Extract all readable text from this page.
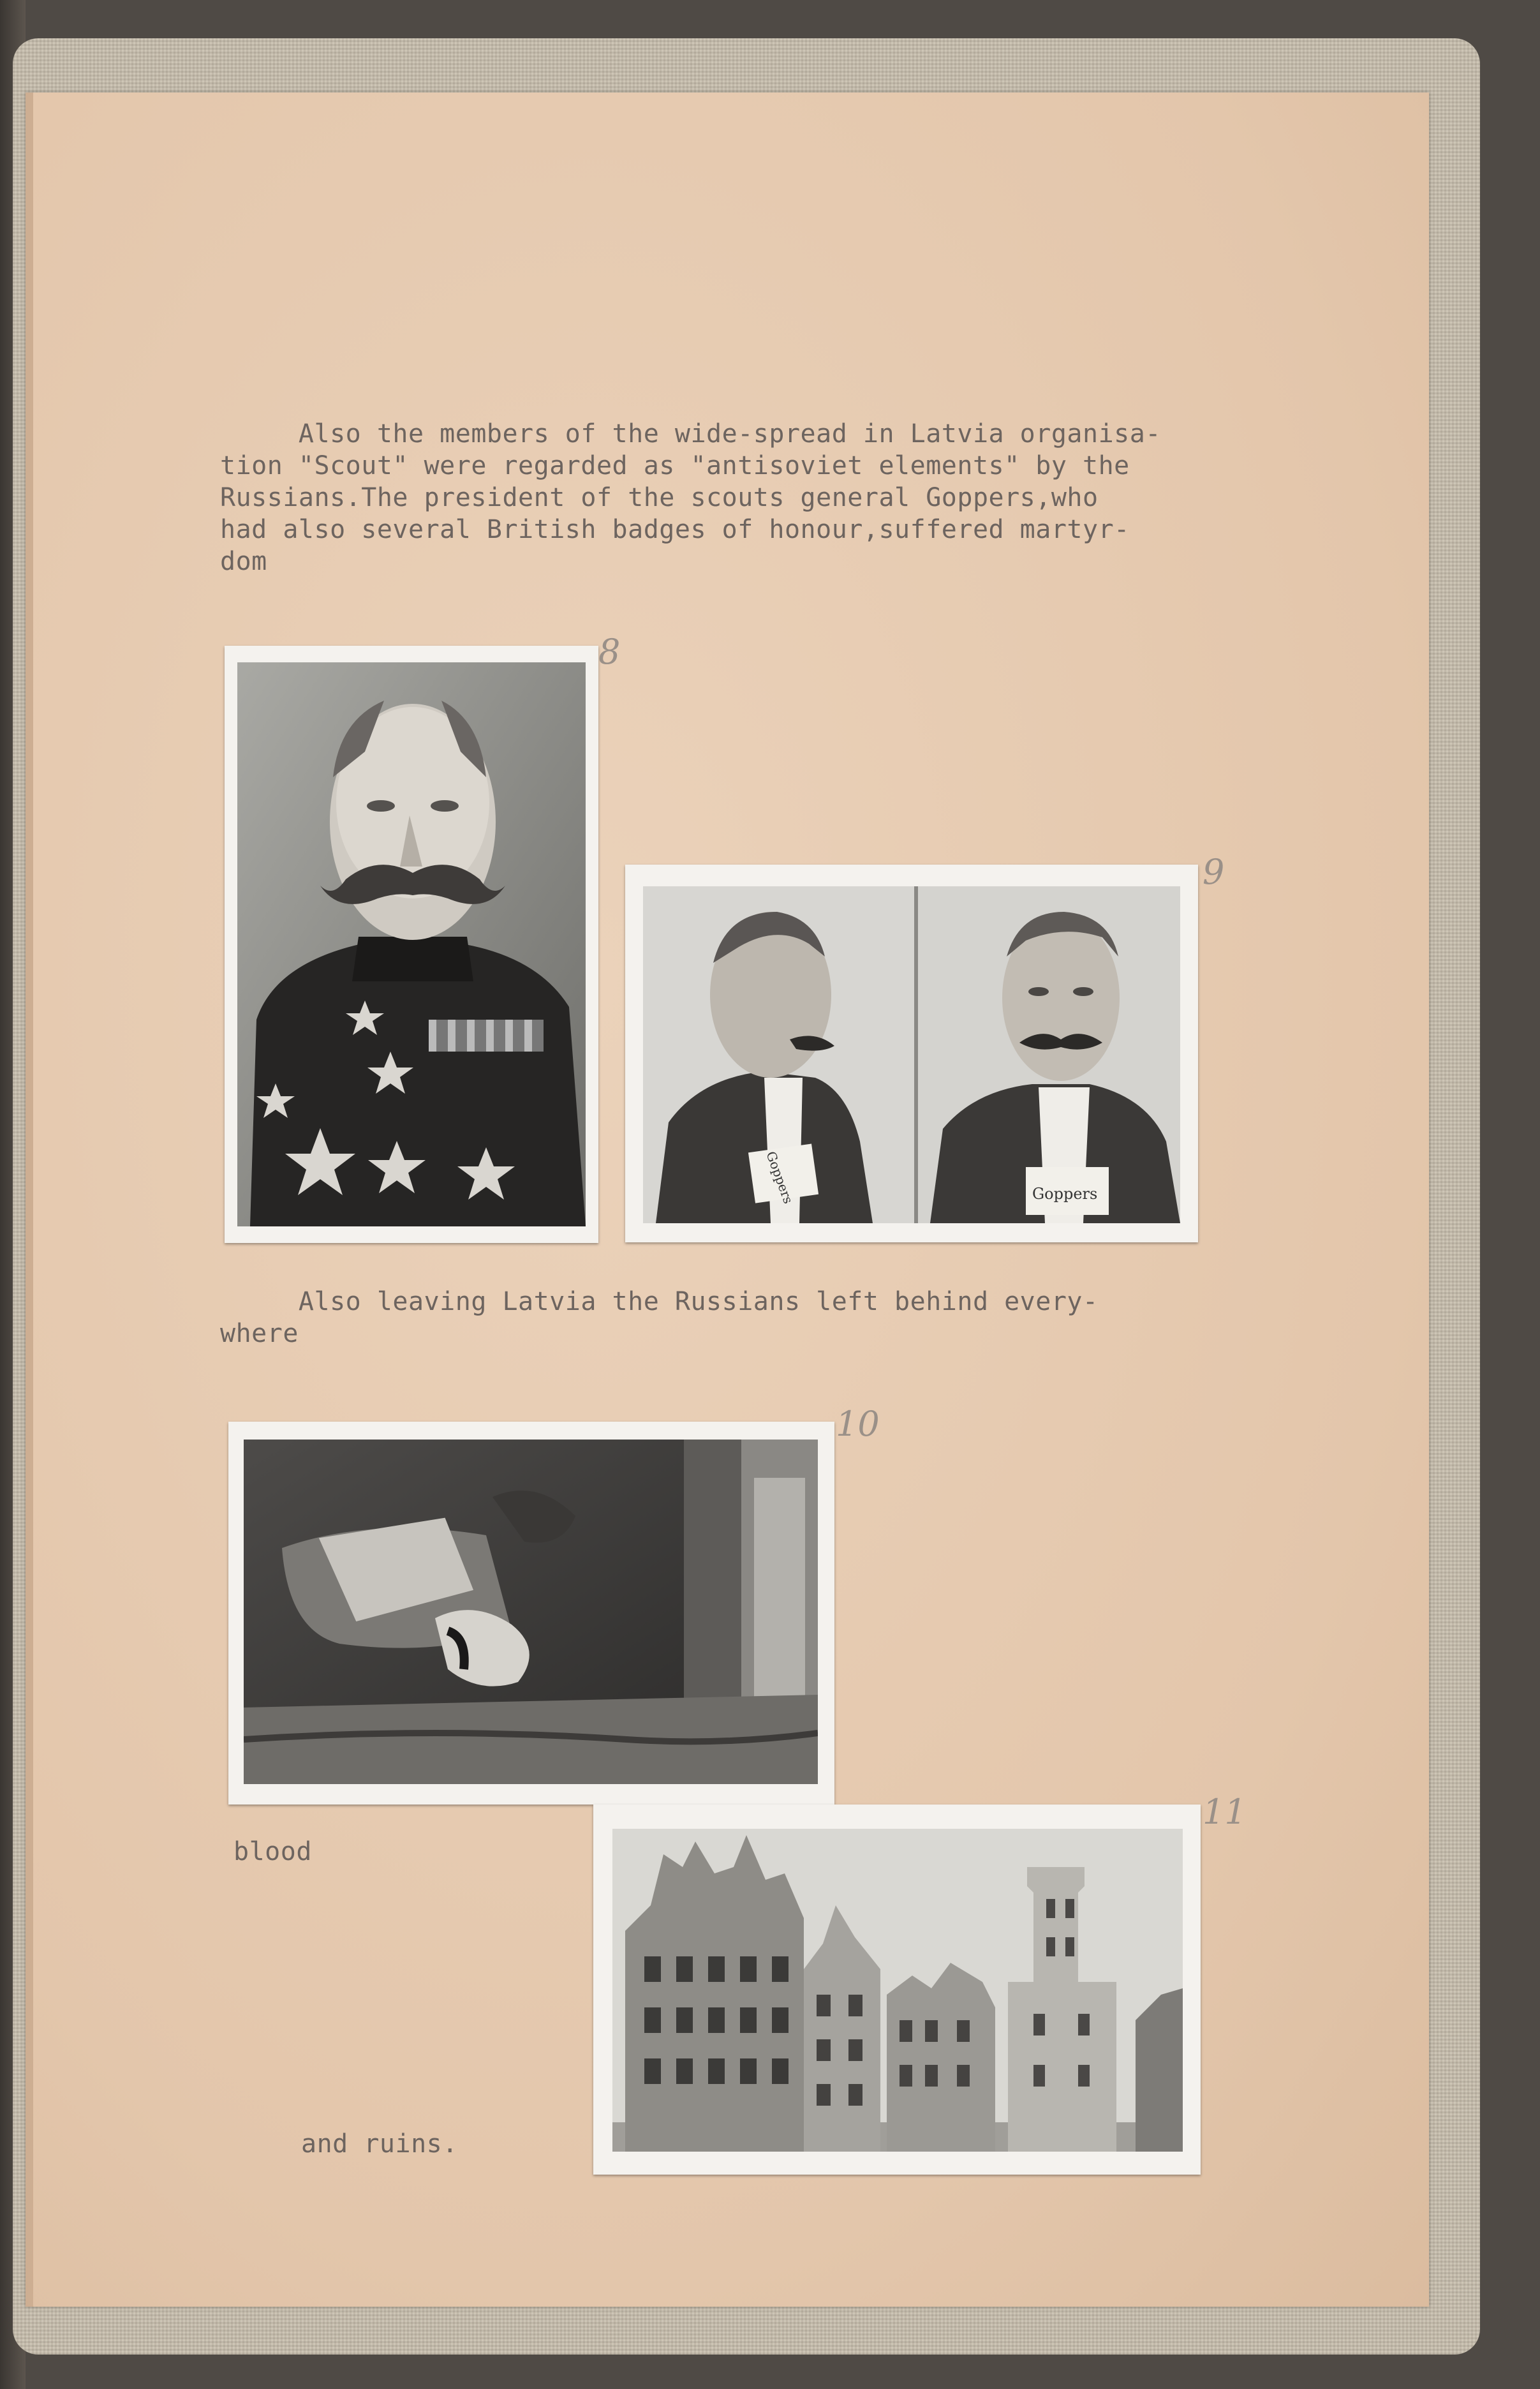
Also the members of the wide-spread in Latvia organisa-
tion "Scout" were regarded as "antisoviet elements" by the
Russians.The president of the scouts general Goppers,who
had also several British badges of honour,suffered martyr-
dom
8
Goppers	Goppers
9
Also leaving Latvia the Russians left behind every-
where
10
blood
11
and ruins.
